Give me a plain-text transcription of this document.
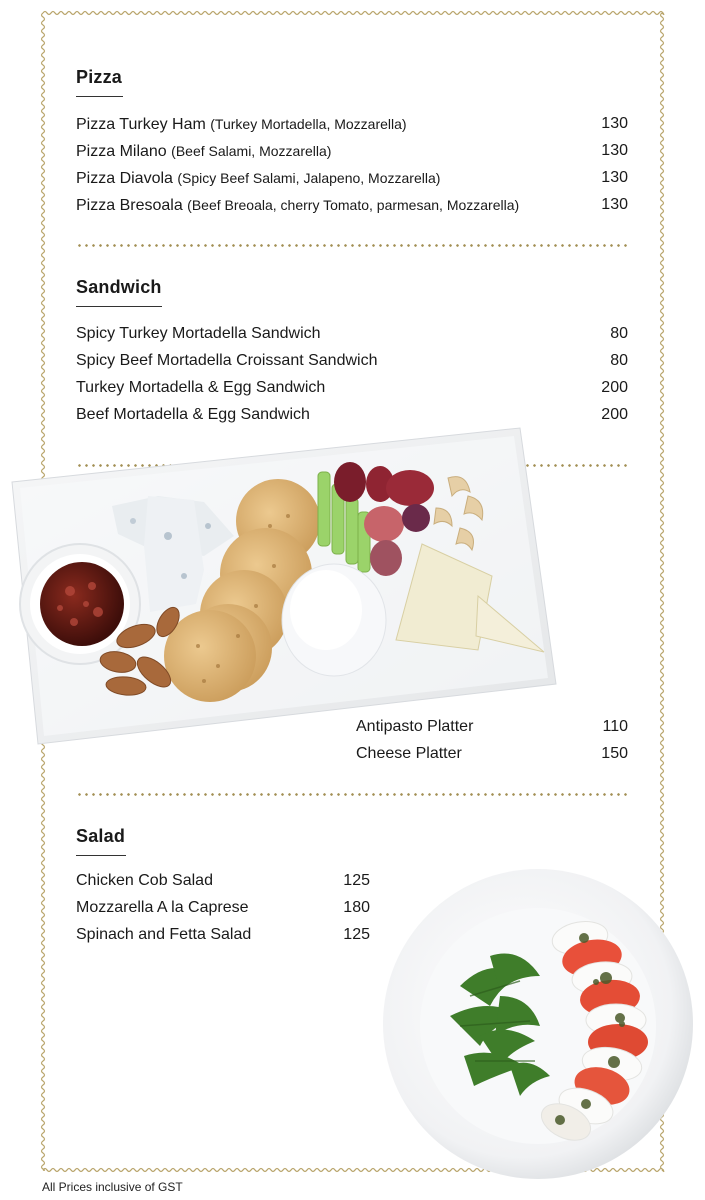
Pizza
Pizza Turkey Ham (Turkey Mortadella, Mozzarella)	130
Pizza Milano (Beef Salami, Mozzarella)	130
Pizza Diavola (Spicy Beef Salami, Jalapeno, Mozzarella)	130
Pizza Bresoala (Beef Breoala, cherry Tomato, parmesan, Mozzarella)	130
Sandwich
Spicy Turkey Mortadella Sandwich	80
Spicy Beef Mortadella Croissant Sandwich	80
Turkey Mortadella & Egg Sandwich	200
Beef Mortadella & Egg Sandwich	200
Antipasto Platter	110
Cheese Platter	150
Salad
Chicken Cob Salad	125
Mozzarella A la Caprese	180
Spinach and Fetta Salad	125
All Prices inclusive of GST
